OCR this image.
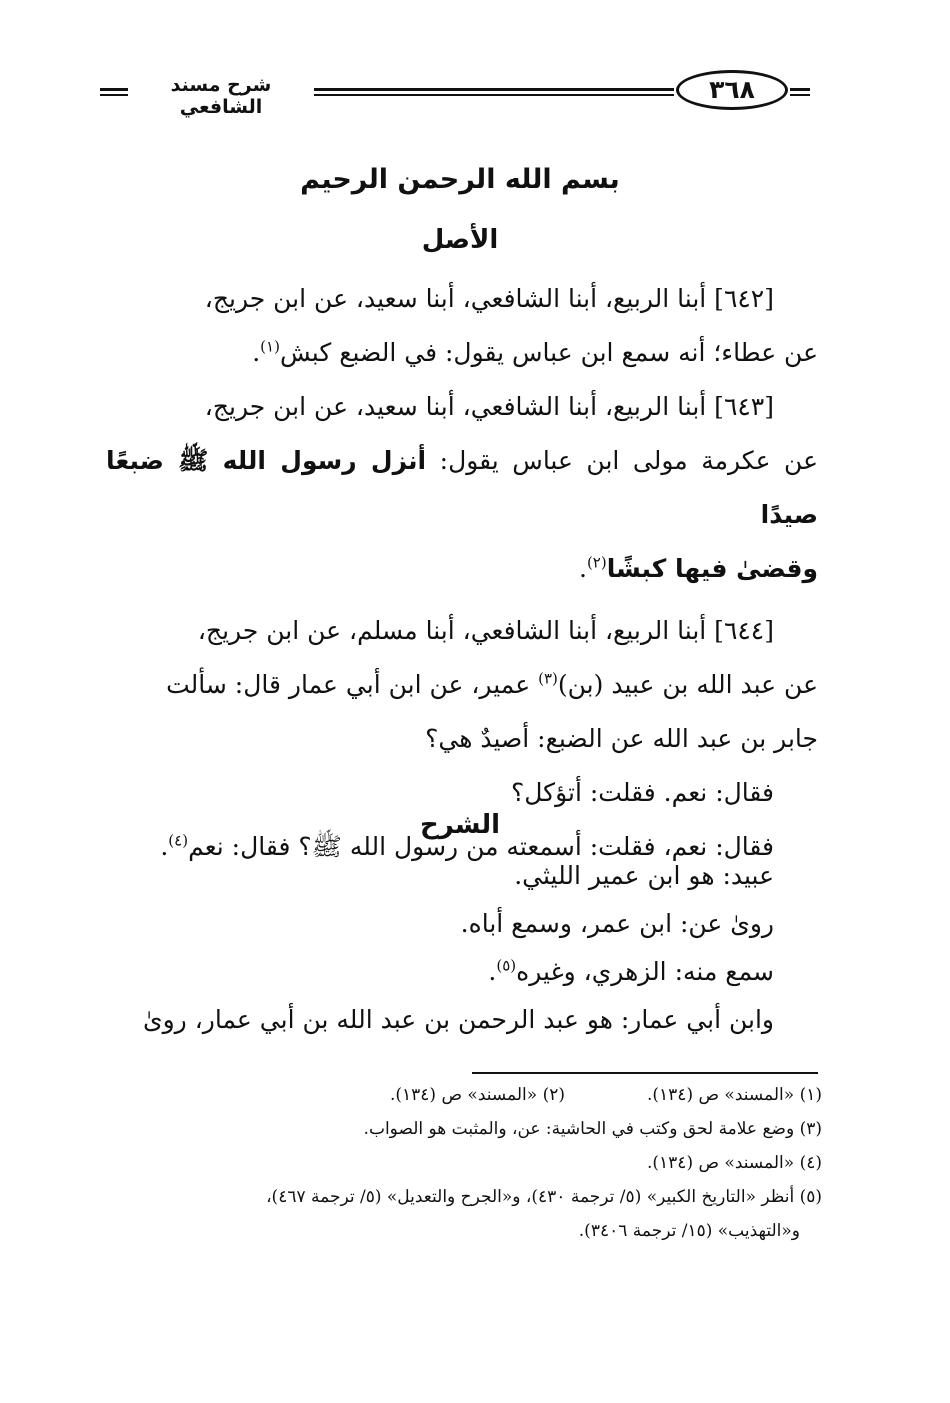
شرح مسند الشافعي
٣٦٨
بسم الله الرحمن الرحيم
الأصل

[٦٤٢] أبنا الربيع، أبنا الشافعي، أبنا سعيد، عن ابن جريج،

عن عطاء؛ أنه سمع ابن عباس يقول: في الضبع كبش$^{(١)}$.

[٦٤٣] أبنا الربيع، أبنا الشافعي، أبنا سعيد، عن ابن جريج،

عن عكرمة مولى ابن عباس يقول: أنزل رسول الله ﷺ ضبعًا صيدًا

وقضىٰ فيها كبشًا$^{(٢)}$.

[٦٤٤] أبنا الربيع، أبنا الشافعي، أبنا مسلم، عن ابن جريج،

عن عبد الله بن عبيد (بن)$^{(٣)}$ عمير، عن ابن أبي عمار قال: سألت

جابر بن عبد الله عن الضبع: أصيدٌ هي؟

فقال: نعم. فقلت: أتؤكل؟

فقال: نعم، فقلت: أسمعته من رسول الله ﷺ؟ فقال: نعم$^{(٤)}$.

الشرح

عبيد: هو ابن عمير الليثي.

روىٰ عن: ابن عمر، وسمع أباه.

سمع منه: الزهري، وغيره$^{(٥)}$.

وابن أبي عمار: هو عبد الرحمن بن عبد الله بن أبي عمار، روىٰ

(١) «المسند» ص (١٣٤).

(٢) «المسند» ص (١٣٤).

(٣) وضع علامة لحق وكتب في الحاشية: عن، والمثبت هو الصواب.

(٤) «المسند» ص (١٣٤).

(٥) أنظر «التاريخ الكبير» (٥/ ترجمة ٤٣٠)، و«الجرح والتعديل» (٥/ ترجمة ٤٦٧)،

و«التهذيب» (١٥/ ترجمة ٣٤٠٦).
